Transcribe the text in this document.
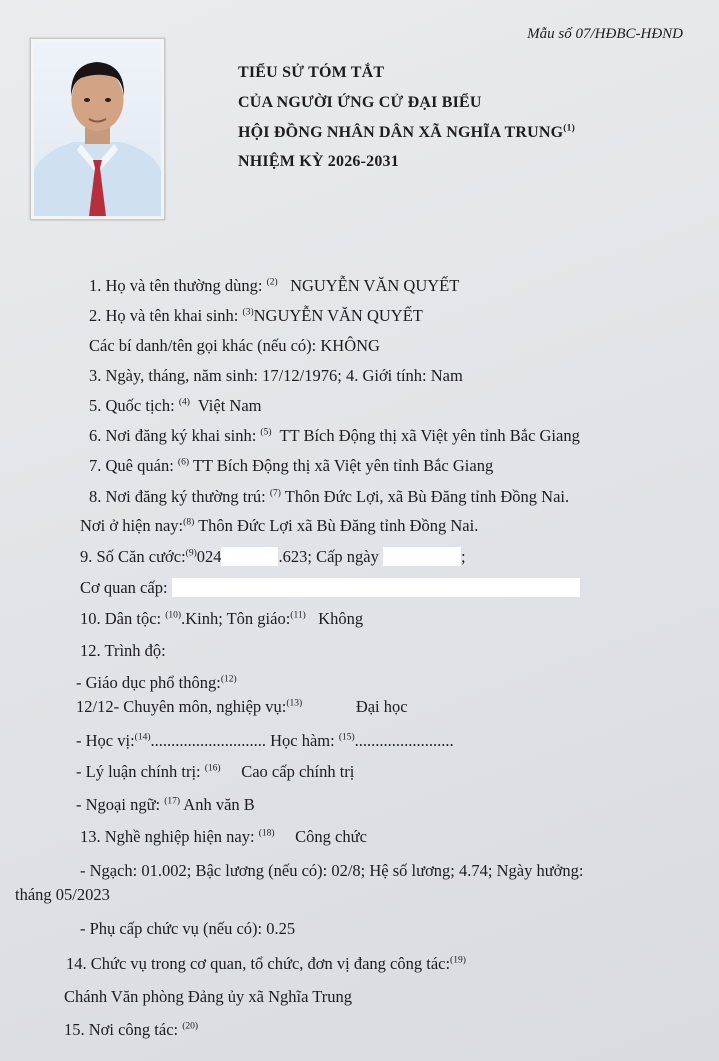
Mẫu số 07/HĐBC-HĐND
TIỂU SỬ TÓM TẮT
CỦA NGƯỜI ỨNG CỬ ĐẠI BIỂU
HỘI ĐỒNG NHÂN DÂN XÃ NGHĨA TRUNG$^{(1)}$
NHIỆM KỲ 2026-2031
1. Họ và tên thường dùng: $^{(2)}$ NGUYỄN VĂN QUYẾT
2. Họ và tên khai sinh: $^{(3)}$NGUYỄN VĂN QUYẾT
Các bí danh/tên gọi khác (nếu có): KHÔNG
3. Ngày, tháng, năm sinh: 17/12/1976; 4. Giới tính: Nam
5. Quốc tịch: $^{(4)}$ Việt Nam
6. Nơi đăng ký khai sinh: $^{(5)}$ TT Bích Động thị xã Việt yên tỉnh Bắc Giang
7. Quê quán: $^{(6)}$ TT Bích Động thị xã Việt yên tỉnh Bắc Giang
8. Nơi đăng ký thường trú: $^{(7)}$ Thôn Đức Lợi, xã Bù Đăng tỉnh Đồng Nai.
Nơi ở hiện nay:$^{(8)}$ Thôn Đức Lợi xã Bù Đăng tỉnh Đồng Nai.
9. Số Căn cước:$^{(9)}$024	.623; Cấp ngày	;
Cơ quan cấp:
10. Dân tộc: $^{(10)}$.Kinh; Tôn giáo:$^{(11)}$ Không
12. Trình độ:
- Giáo dục phổ thông:$^{(12)}$
12/12- Chuyên môn, nghiệp vụ:$^{(13)}$	Đại học
- Học vị:$^{(14)}$............................ Học hàm: $^{(15)}$........................
- Lý luận chính trị: $^{(16)}$ Cao cấp chính trị
- Ngoại ngữ: $^{(17)}$ Anh văn B
13. Nghề nghiệp hiện nay: $^{(18)}$ Công chức
- Ngạch: 01.002; Bậc lương (nếu có): 02/8; Hệ số lương; 4.74; Ngày hưởng:
tháng 05/2023
- Phụ cấp chức vụ (nếu có): 0.25
14. Chức vụ trong cơ quan, tổ chức, đơn vị đang công tác:$^{(19)}$
Chánh Văn phòng Đảng ủy xã Nghĩa Trung
15. Nơi công tác: $^{(20)}$
